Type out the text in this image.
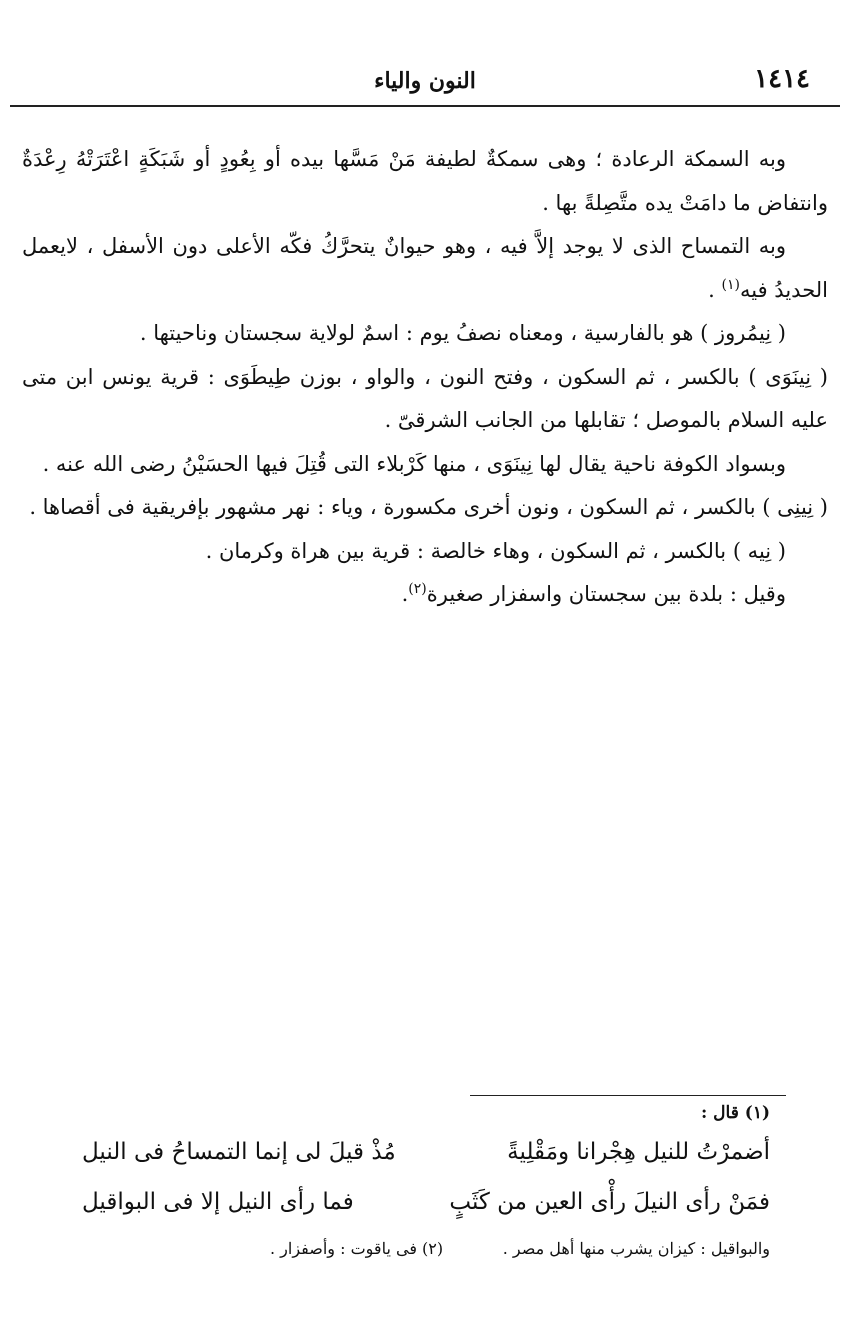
١٤١٤
النون والياء

وبه السمكة الرعادة ؛ وهى سمكةٌ لطيفة مَنْ مَسَّها بيده أو بِعُودٍ أو شَبَكَةٍ اعْتَرَتْهُ رِعْدَةٌ وانتفاض ما دامَتْ يده متَّصِلةً بها .

وبه التمساح الذى لا يوجد إلاَّ فيه ، وهو حيوانٌ يتحرَّكُ فكّه الأعلى دون الأسفل ، لايعمل الحديدُ فيه$^{(١)}$ .

( نِيمُروز ) هو بالفارسية ، ومعناه نصفُ يوم : اسمٌ لولاية سجستان وناحيتها .

( نِينَوَى ) بالكسر ، ثم السكون ، وفتح النون ، والواو ، بوزن طِيطَوَى : قرية يونس ابن متى عليه السلام بالموصل ؛ تقابلها من الجانب الشرقىّ .

وبسواد الكوفة ناحية يقال لها نِينَوَى ، منها كَرْبلاء التى قُتِلَ فيها الحسَيْنُ رضى الله عنه .

( نِينِى ) بالكسر ، ثم السكون ، ونون أخرى مكسورة ، وياء : نهر مشهور بإفريقية فى أقصاها .

( نِيه ) بالكسر ، ثم السكون ، وهاء خالصة : قرية بين هراة وكرمان .

وقيل : بلدة بين سجستان واسفزار صغيرة$^{(٢)}$.

(١) قال :
أضمرْتُ للنيل هِجْرانا ومَقْلِيةً
مُذْ قيلَ لى إنما التمساحُ فى النيل
فمَنْ رأى النيلَ رأْى العين من كَثَبٍ
فما رأى النيل إلا فى البواقيل
والبواقيل : كيزان يشرب منها أهل مصر .
(٢) فى ياقوت : وأصفزار .
